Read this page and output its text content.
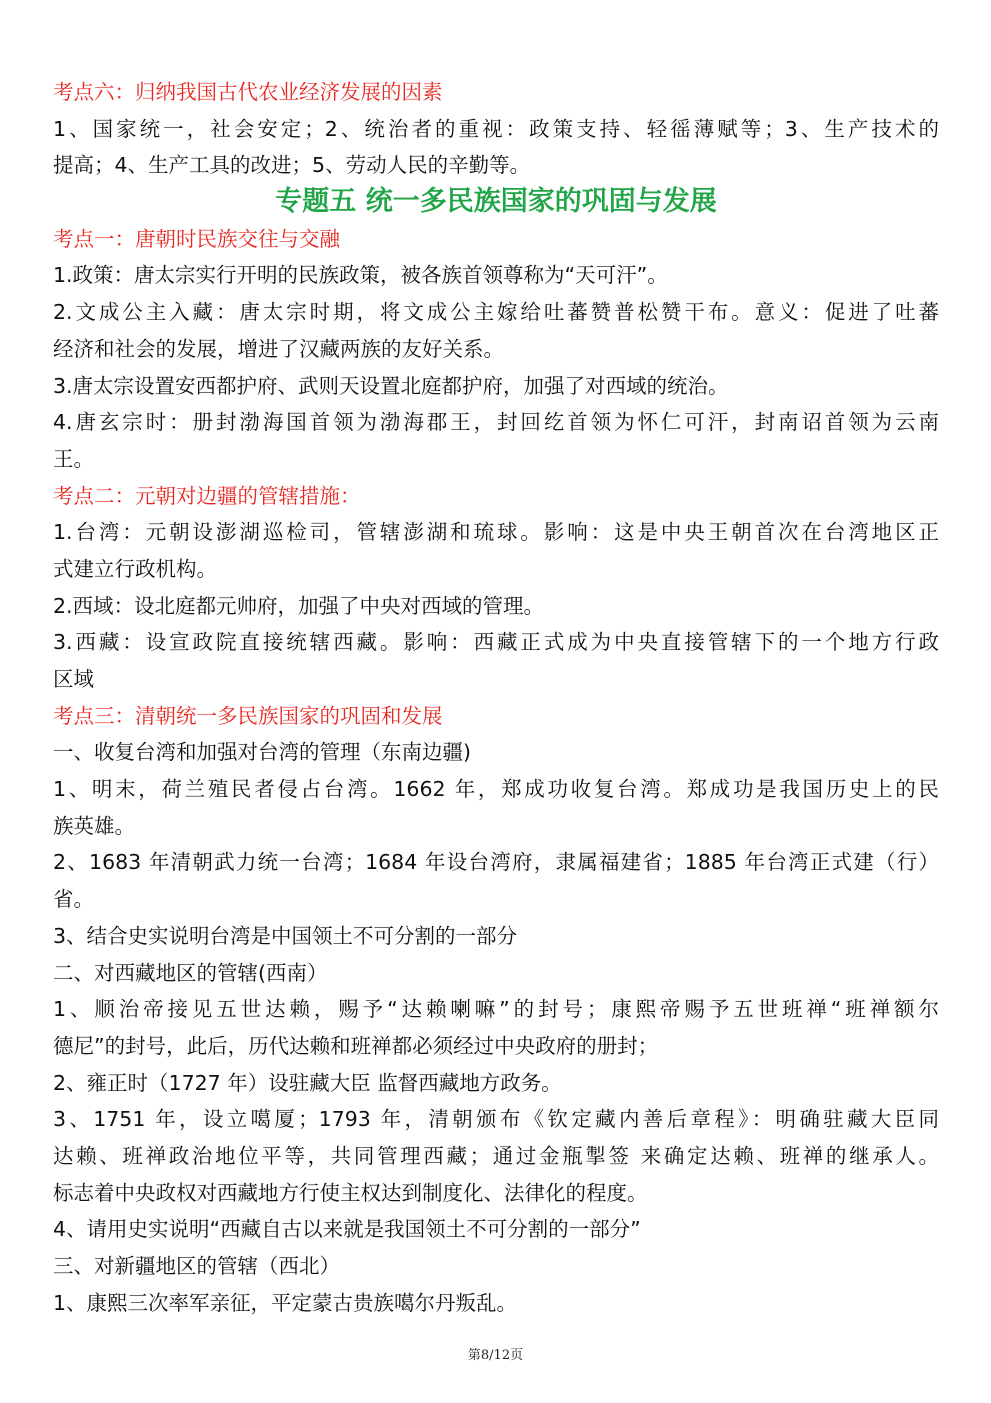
考点六：归纳我国古代农业经济发展的因素
1、国家统一，社会安定；2、统治者的重视：政策支持、轻徭薄赋等；3、生产技术的
提高；4、生产工具的改进；5、劳动人民的辛勤等。
专题五 统一多民族国家的巩固与发展
考点一：唐朝时民族交往与交融
1.政策：唐太宗实行开明的民族政策，被各族首领尊称为“天可汗”。
2.文成公主入藏：唐太宗时期，将文成公主嫁给吐蕃赞普松赞干布。意义：促进了吐蕃
经济和社会的发展，增进了汉藏两族的友好关系。
3.唐太宗设置安西都护府、武则天设置北庭都护府，加强了对西域的统治。
4.唐玄宗时：册封渤海国首领为渤海郡王，封回纥首领为怀仁可汗，封南诏首领为云南
王。
考点二：元朝对边疆的管辖措施：
1.台湾：元朝设澎湖巡检司，管辖澎湖和琉球。影响：这是中央王朝首次在台湾地区正
式建立行政机构。
2.西域：设北庭都元帅府，加强了中央对西域的管理。
3.西藏：设宣政院直接统辖西藏。影响：西藏正式成为中央直接管辖下的一个地方行政
区域
考点三：清朝统一多民族国家的巩固和发展
一、收复台湾和加强对台湾的管理（东南边疆)
1、明末，荷兰殖民者侵占台湾。1662 年，郑成功收复台湾。郑成功是我国历史上的民
族英雄。
2、1683 年清朝武力统一台湾；1684 年设台湾府，隶属福建省；1885 年台湾正式建（行）
省。
3、结合史实说明台湾是中国领土不可分割的一部分
二、对西藏地区的管辖(西南）
1、顺治帝接见五世达赖，赐予“达赖喇嘛”的封号；康熙帝赐予五世班禅“班禅额尔
德尼”的封号，此后，历代达赖和班禅都必须经过中央政府的册封；
2、雍正时（1727 年）设驻藏大臣 监督西藏地方政务。
3、1751 年，设立噶厦；1793 年，清朝颁布《钦定藏内善后章程》：明确驻藏大臣同
达赖、班禅政治地位平等，共同管理西藏；通过金瓶掣签 来确定达赖、班禅的继承人。
标志着中央政权对西藏地方行使主权达到制度化、法律化的程度。
4、请用史实说明“西藏自古以来就是我国领土不可分割的一部分”
三、对新疆地区的管辖（西北）
1、康熙三次率军亲征，平定蒙古贵族噶尔丹叛乱。
第8/12页
